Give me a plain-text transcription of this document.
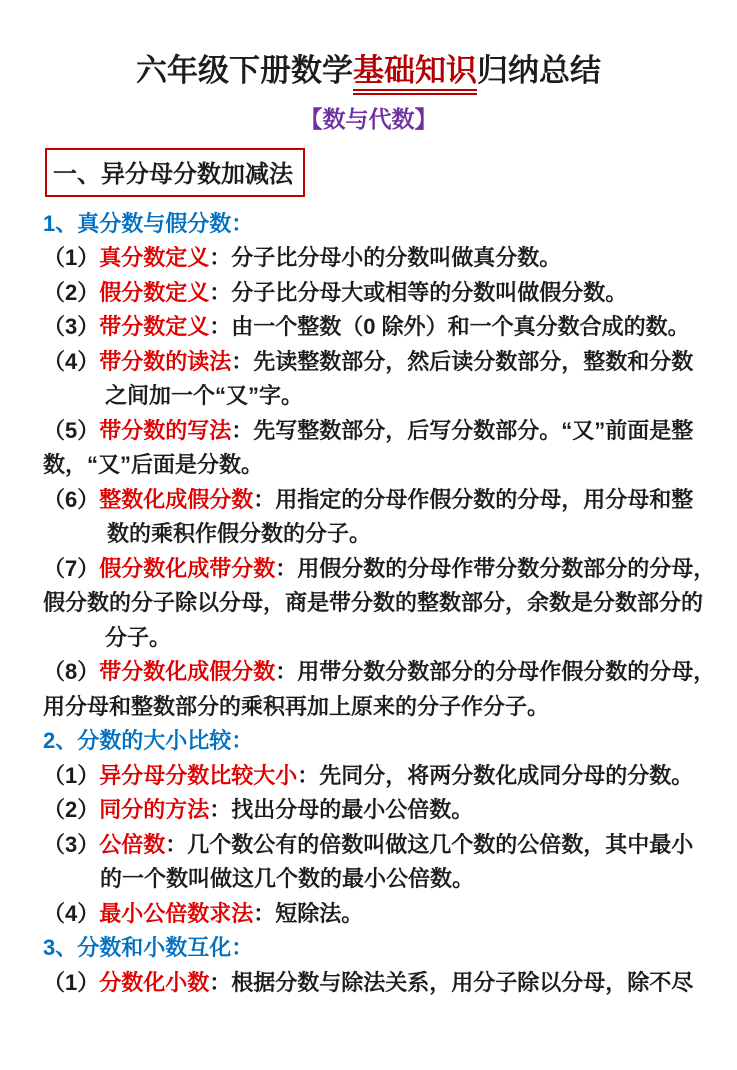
六年级下册数学基础知识归纳总结
【数与代数】
一、异分母分数加减法
1、真分数与假分数：
（1）真分数定义：分子比分母小的分数叫做真分数。
（2）假分数定义：分子比分母大或相等的分数叫做假分数。
（3）带分数定义：由一个整数（0 除外）和一个真分数合成的数。
（4）带分数的读法：先读整数部分，然后读分数部分，整数和分数
之间加一个“又”字。
（5）带分数的写法：先写整数部分，后写分数部分。“又”前面是整
数，“又”后面是分数。
（6）整数化成假分数：用指定的分母作假分数的分母，用分母和整
数的乘积作假分数的分子。
（7）假分数化成带分数：用假分数的分母作带分数分数部分的分母，
假分数的分子除以分母，商是带分数的整数部分，余数是分数部分的
分子。
（8）带分数化成假分数：用带分数分数部分的分母作假分数的分母，
用分母和整数部分的乘积再加上原来的分子作分子。
2、分数的大小比较：
（1）异分母分数比较大小：先同分，将两分数化成同分母的分数。
（2）同分的方法：找出分母的最小公倍数。
（3）公倍数：几个数公有的倍数叫做这几个数的公倍数，其中最小
的一个数叫做这几个数的最小公倍数。
（4）最小公倍数求法：短除法。
3、分数和小数互化：
（1）分数化小数：根据分数与除法关系，用分子除以分母，除不尽
